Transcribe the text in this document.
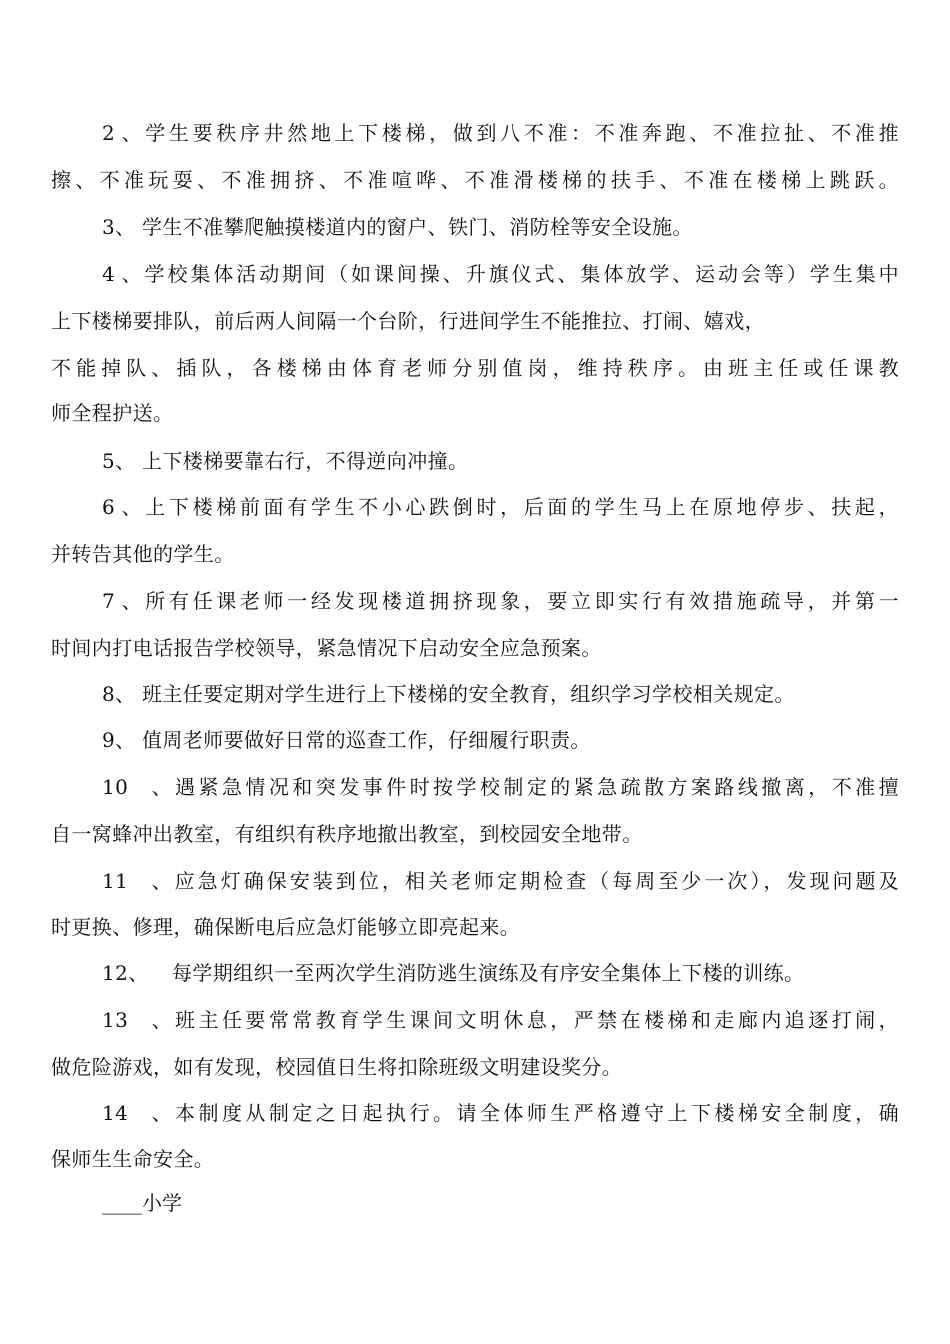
2、学生要秩序井然地上下楼梯，做到八不准：不准奔跑、不准拉扯、不准推
擦、不准玩耍、不准拥挤、不准喧哗、不准滑楼梯的扶手、不准在楼梯上跳跃。
3、 学生不准攀爬触摸楼道内的窗户、铁门、消防栓等安全设施。
4、学校集体活动期间（如课间操、升旗仪式、集体放学、运动会等）学生集中
上下楼梯要排队，前后两人间隔一个台阶，行进间学生不能推拉、打闹、嬉戏，
不能掉队、插队，各楼梯由体育老师分别值岗，维持秩序。由班主任或任课教
师全程护送。
5、 上下楼梯要靠右行，不得逆向冲撞。
6、上下楼梯前面有学生不小心跌倒时，后面的学生马上在原地停步、扶起，
并转告其他的学生。
7、所有任课老师一经发现楼道拥挤现象，要立即实行有效措施疏导，并第一
时间内打电话报告学校领导，紧急情况下启动安全应急预案。
8、 班主任要定期对学生进行上下楼梯的安全教育，组织学习学校相关规定。
9、 值周老师要做好日常的巡查工作，仔细履行职责。
10、遇紧急情况和突发事件时按学校制定的紧急疏散方案路线撤离，不准擅
自一窝蜂冲出教室，有组织有秩序地撤出教室，到校园安全地带。
11、应急灯确保安装到位，相关老师定期检查（每周至少一次），发现问题及
时更换、修理，确保断电后应急灯能够立即亮起来。
12、 每学期组织一至两次学生消防逃生演练及有序安全集体上下楼的训练。
13、班主任要常常教育学生课间文明休息，严禁在楼梯和走廊内追逐打闹，
做危险游戏，如有发现，校园值日生将扣除班级文明建设奖分。
14、本制度从制定之日起执行。请全体师生严格遵守上下楼梯安全制度，确
保师生生命安全。
____小学
